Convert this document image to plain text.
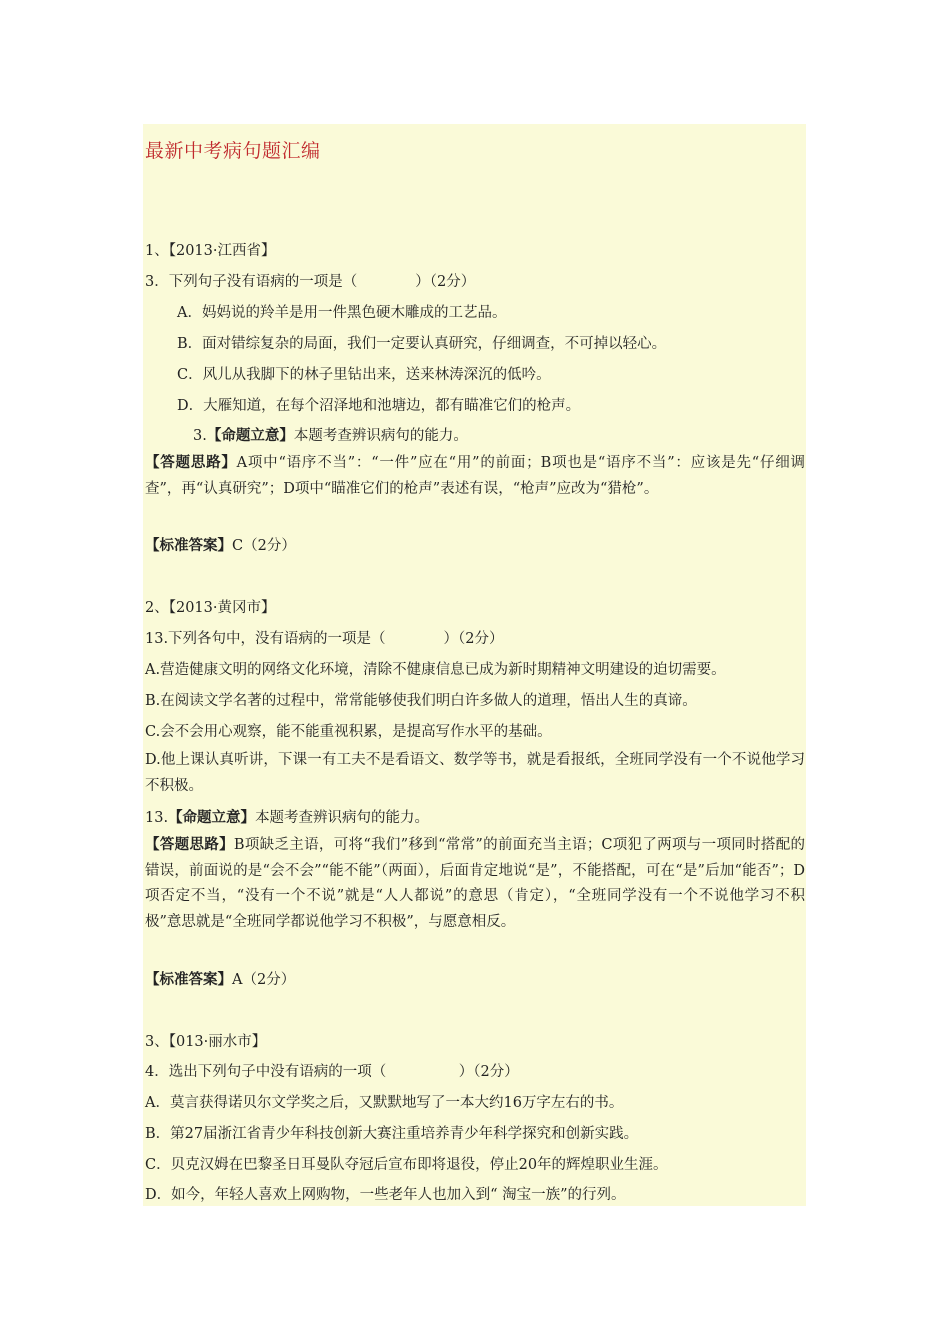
最新中考病句题汇编
1、【2013·江西省】
3．下列句子没有语病的一项是（　　　　）（2分）
A．妈妈说的羚羊是用一件黑色硬木雕成的工艺品。
B．面对错综复杂的局面，我们一定要认真研究，仔细调查，不可掉以轻心。
C．风儿从我脚下的林子里钻出来，送来林涛深沉的低吟。
D．大雁知道，在每个沼泽地和池塘边，都有瞄准它们的枪声。
3.【命题立意】本题考查辨识病句的能力。
【答题思路】A项中“语序不当”：“一件”应在“用”的前面；B项也是“语序不当”：应该是先“仔细调查”，再“认真研究”；D项中“瞄准它们的枪声”表述有误，“枪声”应改为“猎枪”。
【标准答案】C（2分）
2、【2013·黄冈市】
13.下列各句中，没有语病的一项是（　　　　）（2分）
A.营造健康文明的网络文化环境，清除不健康信息已成为新时期精神文明建设的迫切需要。
B.在阅读文学名著的过程中，常常能够使我们明白许多做人的道理，悟出人生的真谛。
C.会不会用心观察，能不能重视积累，是提高写作水平的基础。
D.他上课认真听讲，下课一有工夫不是看语文、数学等书，就是看报纸，全班同学没有一个不说他学习不积极。
13.【命题立意】本题考查辨识病句的能力。
【答题思路】B项缺乏主语，可将“我们”移到“常常”的前面充当主语；C项犯了两项与一项同时搭配的错误，前面说的是“会不会”“能不能”（两面），后面肯定地说“是”，不能搭配，可在“是”后加“能否”；D项否定不当，“没有一个不说”就是“人人都说”的意思（肯定），“全班同学没有一个不说他学习不积极”意思就是“全班同学都说他学习不积极”，与愿意相反。
【标准答案】A（2分）
3、【013·丽水市】
4．选出下列句子中没有语病的一项（　　　　　）（2分）
A．莫言获得诺贝尔文学奖之后，又默默地写了一本大约16万字左右的书。
B．第27届浙江省青少年科技创新大赛注重培养青少年科学探究和创新实践。
C．贝克汉姆在巴黎圣日耳曼队夺冠后宣布即将退役，停止20年的辉煌职业生涯。
D．如今，年轻人喜欢上网购物，一些老年人也加入到“ 淘宝一族”的行列。
